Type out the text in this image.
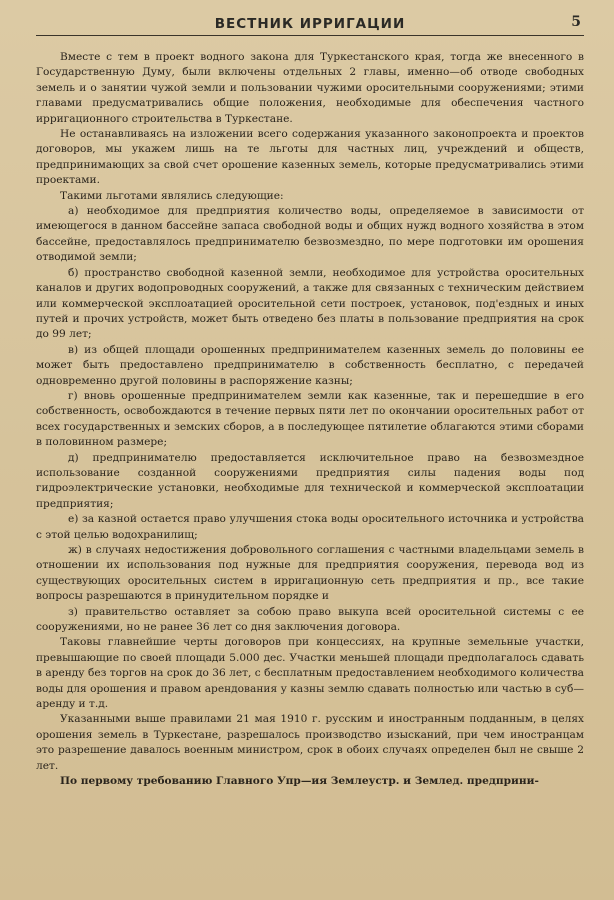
ВЕСТНИК ИРРИГАЦИИ	5

Вместе с тем в проект водного закона для Туркестанского края, тогда же внесенного в Государственную Думу, были включены отдельных 2 главы, именно—об отводе свободных земель и о занятии чужой земли и пользовании чужими оросительными сооружениями; этими главами предусматривались общие положения, необходимые для обеспечения частного ирригационного строительства в Туркестане.

Не останавливаясь на изложении всего содержания указанного законопроекта и проектов договоров, мы укажем лишь на те льготы для частных лиц, учреждений и обществ, предпринимающих за свой счет орошение казенных земель, которые предусматривались этими проектами.

Такими льготами являлись следующие:

а) необходимое для предприятия количество воды, определяемое в зависимости от имеющегося в данном бассейне запаса свободной воды и общих нужд водного хозяйства в этом бассейне, предоставлялось предпринимателю безвозмездно, по мере подготовки им орошения отводимой земли;

б) пространство свободной казенной земли, необходимое для устройства оросительных каналов и других водопроводных сооружений, а также для связанных с техническим действием или коммерческой эксплоатацией оросительной сети построек, установок, под'ездных и иных путей и прочих устройств, может быть отведено без платы в пользование предприятия на срок до 99 лет;

в) из общей площади орошенных предпринимателем казенных земель до половины ее может быть предоставлено предпринимателю в собственность бесплатно, с передачей одновременно другой половины в распоряжение казны;

г) вновь орошенные предпринимателем земли как казенные, так и перешедшие в его собственность, освобождаются в течение первых пяти лет по окончании оросительных работ от всех государственных и земских сборов, а в последующее пятилетие облагаются этими сборами в половинном размере;

д) предпринимателю предоставляется исключительное право на безвозмездное использование созданной сооружениями предприятия силы падения воды под гидроэлектрические установки, необходимые для технической и коммерческой эксплоатации предприятия;

е) за казной остается право улучшения стока воды оросительного источника и устройства с этой целью водохранилищ;

ж) в случаях недостижения добровольного соглашения с частными владельцами земель в отношении их использования под нужные для предприятия сооружения, перевода вод из существующих оросительных систем в ирригационную сеть предприятия и пр., все такие вопросы разрешаются в принудительном порядке и

з) правительство оставляет за собою право выкупа всей оросительной системы с ее сооружениями, но не ранее 36 лет со дня заключения договора.

Таковы главнейшие черты договоров при концессиях, на крупные земельные участки, превышающие по своей площади 5.000 дес. Участки меньшей площади предполагалось сдавать в аренду без торгов на срок до 36 лет, с бесплатным предоставлением необходимого количества воды для орошения и правом арендования у казны землю сдавать полностью или частью в суб—аренду и т.д.

Указанными выше правилами 21 мая 1910 г. русским и иностранным подданным, в целях орошения земель в Туркестане, разрешалось производство изысканий, при чем иностранцам это разрешение давалось военным министром, срок в обоих случаях определен был не свыше 2 лет.

По первому требованию Главного Упр—ия Землеустр. и Землед. предприни-
